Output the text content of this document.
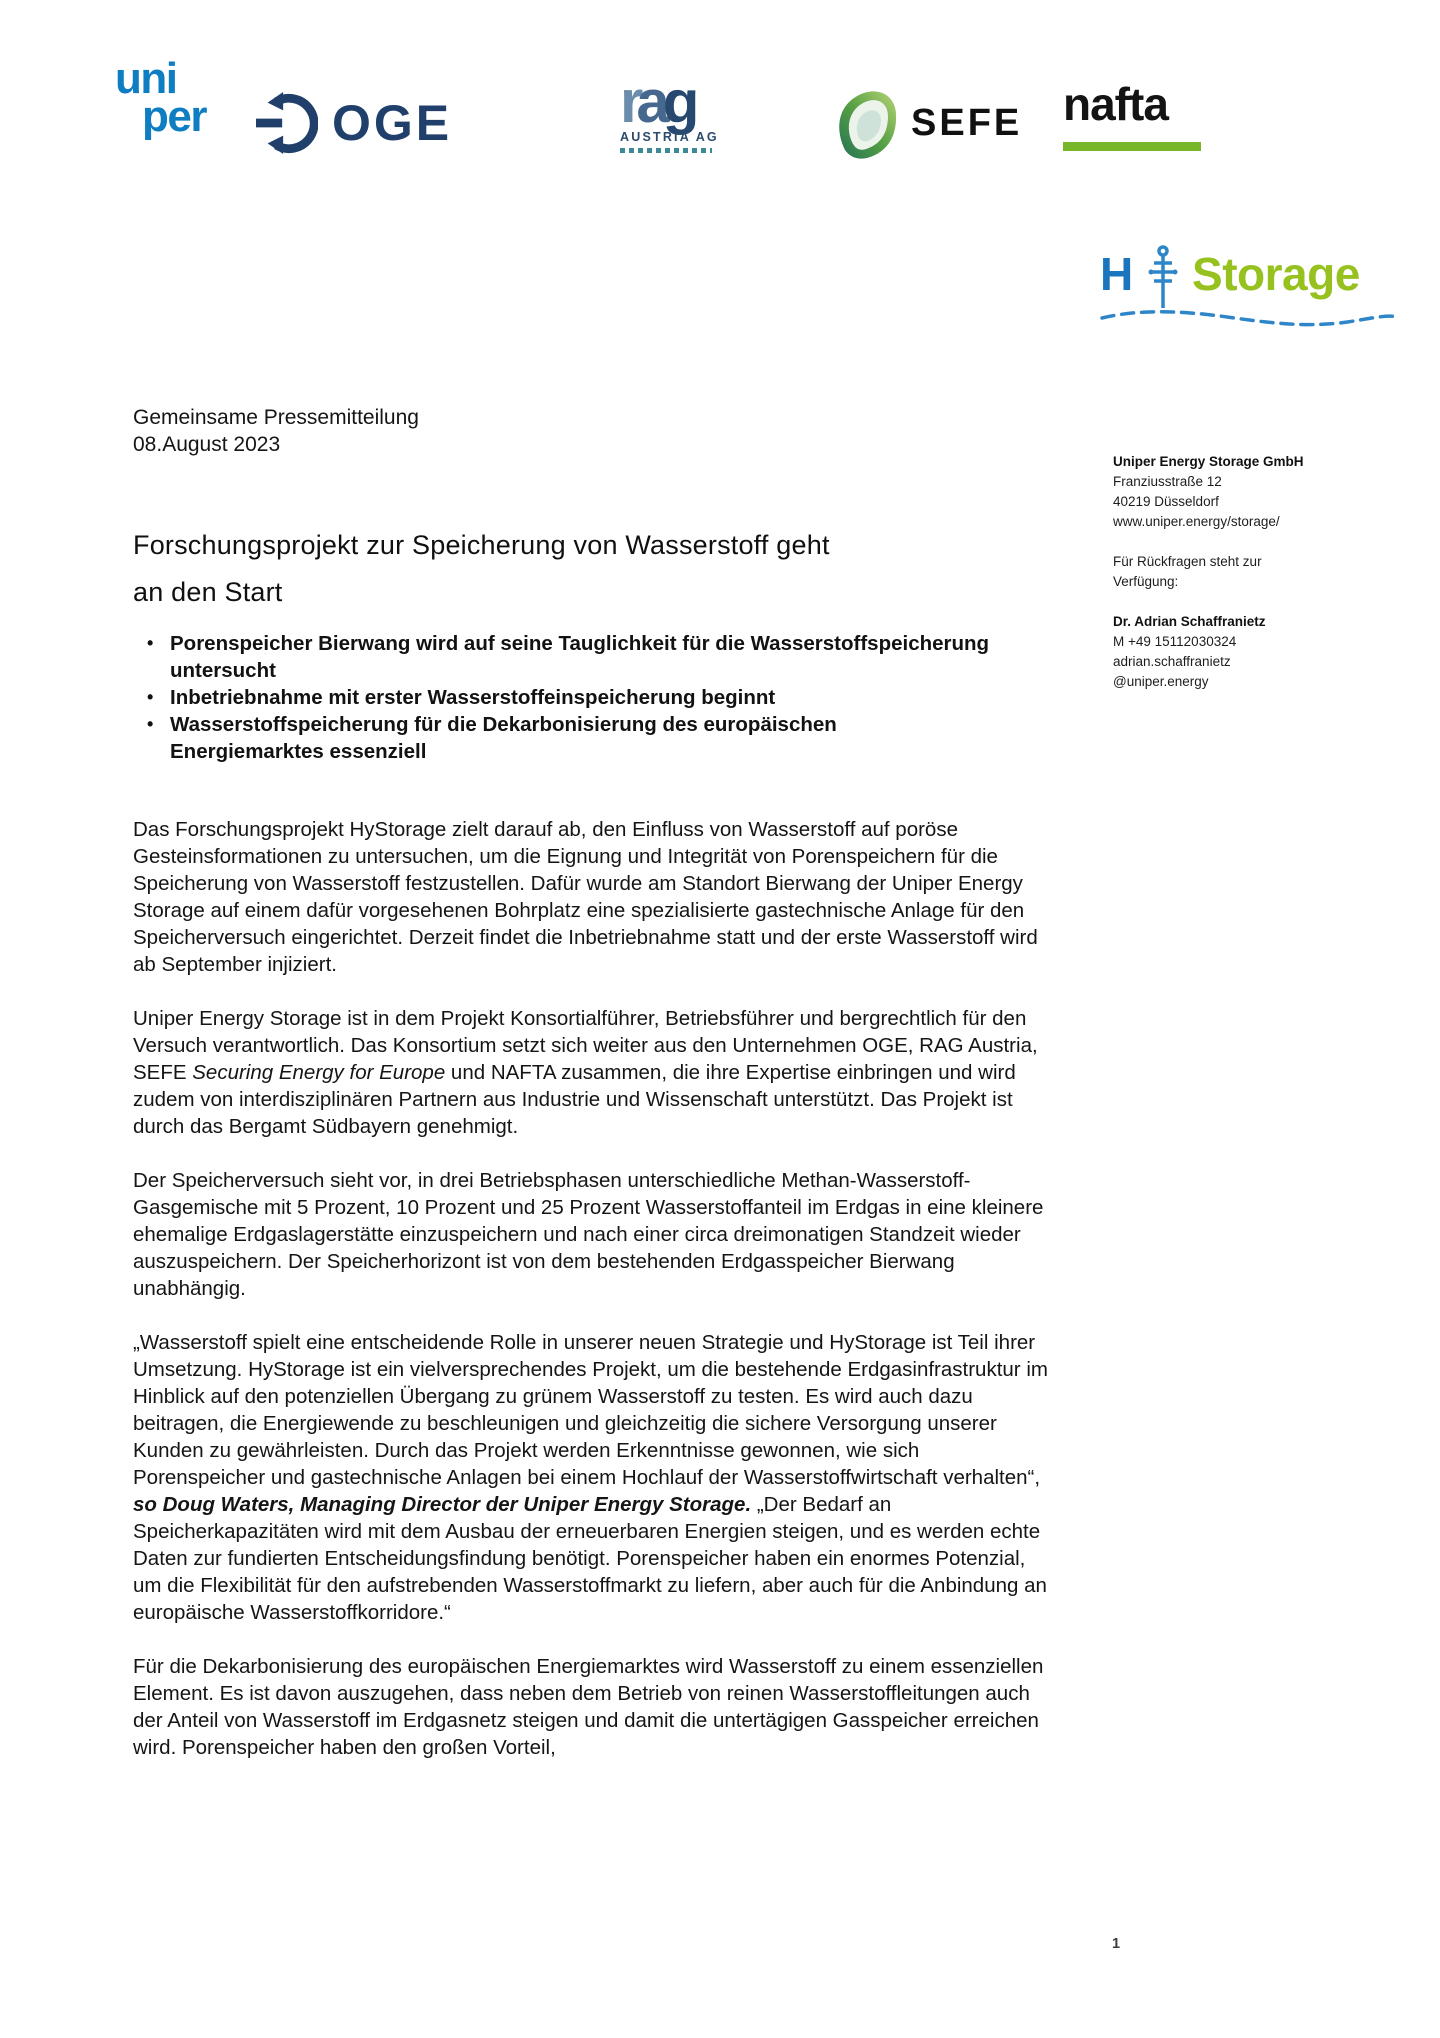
uni
per	OGE	rag
AUSTRIA AG	SEFE nafta
H Storage
Gemeinsame Pressemitteilung
08.August 2023
Uniper Energy Storage GmbH
Franziusstraße 12
40219 Düsseldorf
www.uniper.energy/storage/
Für Rückfragen steht zur Verfügung:
Dr. Adrian Schaffranietz
M +49 15112030324
adrian.schaffranietz
@uniper.energy
Forschungsprojekt zur Speicherung von Wasserstoff geht an den Start
• Porenspeicher Bierwang wird auf seine Tauglichkeit für die Wasserstoffspeicherung untersucht
• Inbetriebnahme mit erster Wasserstoffeinspeicherung beginnt
• Wasserstoffspeicherung für die Dekarbonisierung des europäischen Energiemarktes essenziell

Das Forschungsprojekt HyStorage zielt darauf ab, den Einfluss von Wasserstoff auf poröse Gesteinsformationen zu untersuchen, um die Eignung und Integrität von Porenspeichern für die Speicherung von Wasserstoff festzustellen. Dafür wurde am Standort Bierwang der Uniper Energy Storage auf einem dafür vorgesehenen Bohrplatz eine spezialisierte gastechnische Anlage für den Speicherversuch eingerichtet. Derzeit findet die Inbetriebnahme statt und der erste Wasserstoff wird ab September injiziert.

Uniper Energy Storage ist in dem Projekt Konsortialführer, Betriebsführer und bergrechtlich für den Versuch verantwortlich. Das Konsortium setzt sich weiter aus den Unternehmen OGE, RAG Austria, SEFE Securing Energy for Europe und NAFTA zusammen, die ihre Expertise einbringen und wird zudem von interdisziplinären Partnern aus Industrie und Wissenschaft unterstützt. Das Projekt ist durch das Bergamt Südbayern genehmigt.

Der Speicherversuch sieht vor, in drei Betriebsphasen unterschiedliche Methan-Wasserstoff-Gasgemische mit 5 Prozent, 10 Prozent und 25 Prozent Wasserstoffanteil im Erdgas in eine kleinere ehemalige Erdgaslagerstätte einzuspeichern und nach einer circa dreimonatigen Standzeit wieder auszuspeichern. Der Speicherhorizont ist von dem bestehenden Erdgasspeicher Bierwang unabhängig.

„Wasserstoff spielt eine entscheidende Rolle in unserer neuen Strategie und HyStorage ist Teil ihrer Umsetzung. HyStorage ist ein vielversprechendes Projekt, um die bestehende Erdgasinfrastruktur im Hinblick auf den potenziellen Übergang zu grünem Wasserstoff zu testen. Es wird auch dazu beitragen, die Energiewende zu beschleunigen und gleichzeitig die sichere Versorgung unserer Kunden zu gewährleisten. Durch das Projekt werden Erkenntnisse gewonnen, wie sich Porenspeicher und gastechnische Anlagen bei einem Hochlauf der Wasserstoffwirtschaft verhalten“, so Doug Waters, Managing Director der Uniper Energy Storage. „Der Bedarf an Speicherkapazitäten wird mit dem Ausbau der erneuerbaren Energien steigen, und es werden echte Daten zur fundierten Entscheidungsfindung benötigt. Porenspeicher haben ein enormes Potenzial, um die Flexibilität für den aufstrebenden Wasserstoffmarkt zu liefern, aber auch für die Anbindung an europäische Wasserstoffkorridore.“

Für die Dekarbonisierung des europäischen Energiemarktes wird Wasserstoff zu einem essenziellen Element. Es ist davon auszugehen, dass neben dem Betrieb von reinen Wasserstoffleitungen auch der Anteil von Wasserstoff im Erdgasnetz steigen und damit die untertägigen Gasspeicher erreichen wird. Porenspeicher haben den großen Vorteil,

1
